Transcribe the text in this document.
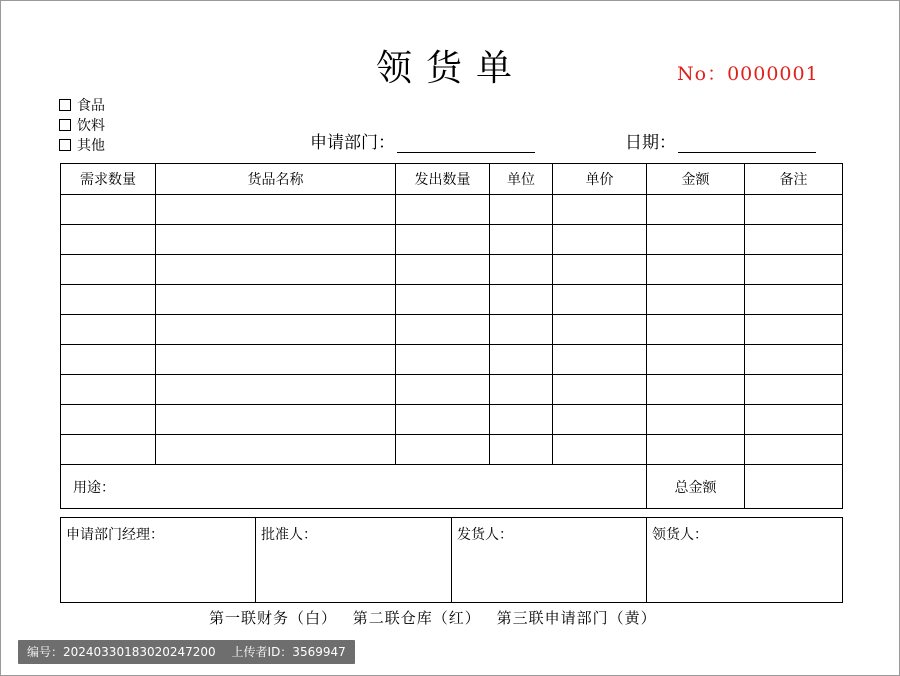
领货单	No：0000001
食品
饮料
其他	申请部门：	日期：
需求数量	货品名称	发出数量	单位	单价	金额	备注

用途：					总金额	
申请部门经理：	批准人：	发货人：	领货人：
第一联财务（白） 第二联仓库（红） 第三联申请部门（黄）
编号：20240330183020247200 上传者ID：3569947
